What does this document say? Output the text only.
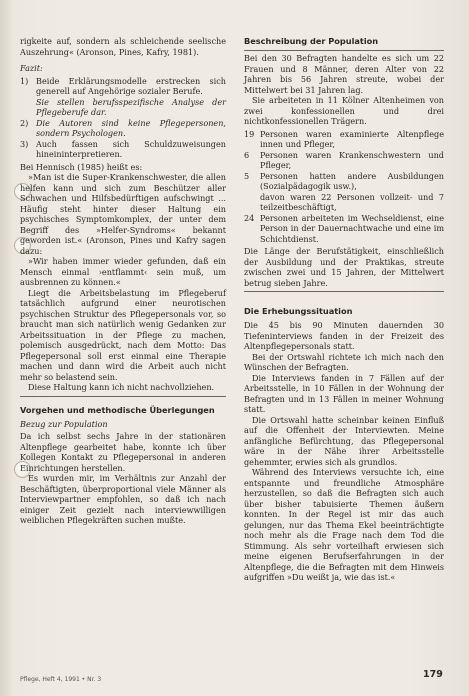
rigkeite auf, sondern als schleichende seelische Auszehrung« (Aronson, Pines, Kafry, 1981).

Fazit:

1) Beide Erklärungsmodelle erstrecken sich generell auf Angehörige sozialer Berufe.
Sie stellen berufsspezifische Analyse der Pflegeberufe dar.
2) Die Autoren sind keine Pflegepersonen, sondern Psychologen.
3) Auch fassen sich Schuldzuweisungen hineininterpretieren.

Bei Hennisch (1985) heißt es:

»Man ist die Super-Krankenschwester, die allen helfen kann und sich zum Beschützer aller Schwachen und Hilfsbedürftigen aufschwingt ... Häufig steht hinter dieser Haltung ein psychisches Symptomkomplex, der unter dem Begriff des »Helfer-Syndroms« bekannt geworden ist.« (Aronson, Pines und Kafry sagen dazu:

»Wir haben immer wieder gefunden, daß ein Mensch einmal ›entflammt‹ sein muß, um ausbrennen zu können.«

Liegt die Arbeitsbelastung im Pflegeberuf tatsächlich aufgrund einer neurotischen psychischen Struktur des Pflegepersonals vor, so braucht man sich natürlich wenig Gedanken zur Arbeitssituation in der Pflege zu machen, polemisch ausgedrückt, nach dem Motto: Das Pflegepersonal soll erst einmal eine Therapie machen und dann wird die Arbeit auch nicht mehr so belastend sein.

Diese Haltung kann ich nicht nachvollziehen.

Vorgehen und methodische Überlegungen
Bezug zur Population

Da ich selbst sechs Jahre in der stationären Altenpflege gearbeitet habe, konnte ich über Kollegen Kontakt zu Pflegepersonal in anderen Einrichtungen herstellen.

Es wurden mir, im Verhältnis zur Anzahl der Beschäftigten, überproportional viele Männer als Interviewpartner empfohlen, so daß ich nach einiger Zeit gezielt nach interviewwilligen weiblichen Pflegekräften suchen mußte.

Beschreibung der Population

Bei den 30 Befragten handelte es sich um 22 Frauen und 8 Männer, deren Alter von 22 Jahren bis 56 Jahren streute, wobei der Mittelwert bei 31 Jahren lag.

Sie arbeiteten in 11 Kölner Altenheimen von zwei konfessionellen und drei nichtkonfessionellen Trägern.

19 Personen waren examinierte Altenpflege innen und Pfleger,
6	Personen waren Krankenschwestern und Pfleger,
5	Personen hatten andere Ausbildungen (Sozialpädagogik usw.),
davon waren 22 Personen vollzeit- und 7 teilzeitbeschäftigt,
24 Personen arbeiteten im Wechseldienst, eine Person in der Dauernachtwache und eine im Schichtdienst.

Die Länge der Berufstätigkeit, einschließlich der Ausbildung und der Praktikas, streute zwischen zwei und 15 Jahren, der Mittelwert betrug sieben Jahre.

Die Erhebungssituation

Die 45 bis 90 Minuten dauernden 30 Tiefeninterviews fanden in der Freizeit des Altenpflegepersonals statt.

Bei der Ortswahl richtete ich mich nach den Wünschen der Befragten.

Die Interviews fanden in 7 Fällen auf der Arbeitsstelle, in 10 Fällen in der Wohnung der Befragten und in 13 Fällen in meiner Wohnung statt.

Die Ortswahl hatte scheinbar keinen Einfluß auf die Offenheit der Interviewten. Meine anfängliche Befürchtung, das Pflegepersonal wäre in der Nähe ihrer Arbeitsstelle gehemmter, erwies sich als grundlos.

Während des Interviews versuchte ich, eine entspannte und freundliche Atmosphäre herzustellen, so daß die Befragten sich auch über bisher tabuisierte Themen äußern konnten. In der Regel ist mir das auch gelungen, nur das Thema Ekel beeinträchtigte noch mehr als die Frage nach dem Tod die Stimmung. Als sehr vorteilhaft erwiesen sich meine eigenen Berufserfahrungen in der Altenpflege, die die Befragten mit dem Hinweis aufgriffen »Du weißt ja, wie das ist.«

Pflege, Heft 4, 1991 • Nr. 3	179
